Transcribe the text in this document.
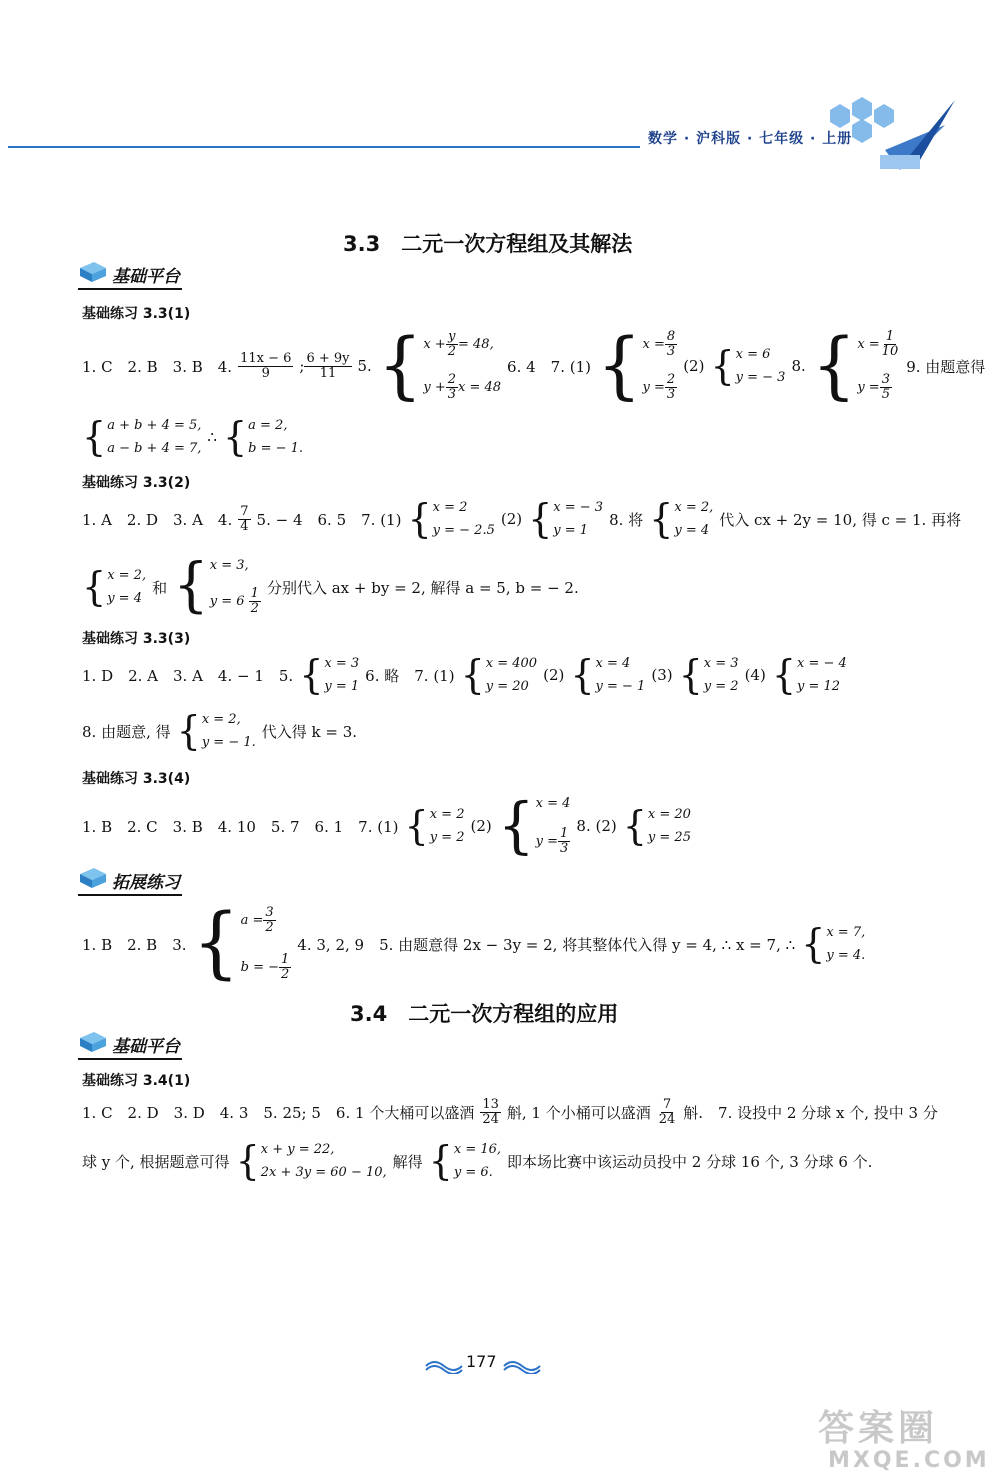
数学 · 沪科版 · 七年级 · 上册
3.3　二元一次方程组及其解法
基础平台
基础练习 3.3(1)
1. C　2. B　3. B　4. $\frac{11x - 6}{9}$ ; $\frac{6 + 9y}{11} 5$. { $x + \frac{y}{2} = 48$,
$y + \frac{2}{3}$ x = 48
6. 4　7. (1) { $x = \frac{8}{3}$
$y = \frac{2}{3}$
(2) { x = 6
y = − 3
8. { $x = \frac{1}{10}$
$y = \frac{3}{5}$
9. 由题意得
{ a + b + 4 = 5,
a − b + 4 = 7,
∴ { a = 2,
b = − 1.
基础练习 3.3(2)
1. A　2. D　3. A　4. $\frac{7}{4} 5$. − 4　6. 5　7. (1) { x = 2
y = − 2.5
(2) { x = − 3
y = 1
8. 将 { x = 2,
y = 4
代入 cx + 2y = 10, 得 c = 1. 再将
{ x = 2,
y = 4
和 { x = 3,
y = 6
$\frac{1}{2}$ 分别代入 ax + by = 2, 解得 a = 5, b = − 2.
基础练习 3.3(3)
1. D　2. A　3. A　4. − 1　5. { x = 3
y = 1
6. 略　7. (1) { x = 400
y = 20
(2) { x = 4
y = − 1
(3) { x = 3
y = 2
(4) { x = − 4
y = 12
8. 由题意, 得 { x = 2,
y = − 1.
代入得 k = 3.
基础练习 3.3(4)
1. B　2. C　3. B　4. 10　5. 7　6. 1　7. (1) { x = 2
y = 2
(2) { x = 4
$y = \frac{1}{3}$
8. (2) { x = 20
y = 25
拓展练习
1. B　2. B　3. { $a = \frac{3}{2}$
b = − $\frac{1}{2}$
4. 3, 2, 9　5. 由题意得 2x − 3y = 2, 将其整体代入得 y = 4, ∴ x = 7, ∴ { x = 7,
y = 4.
3.4　二元一次方程组的应用
基础平台
基础练习 3.4(1)
1. C　2. D　3. D　4. 3　5. 25; 5　6. 1 个大桶可以盛酒 $\frac{13}{24}$ 斛, 1 个小桶可以盛酒 $\frac{7}{24}$ 斛.　7. 设投中 2 分球 x 个, 投中 3 分
球 y 个, 根据题意可得 { x + y = 22,
2x + 3y = 60 − 10,
解得 { x = 16,
y = 6.
即本场比赛中该运动员投中 2 分球 16 个, 3 分球 6 个.
177
答案圈
MXQE.COM
